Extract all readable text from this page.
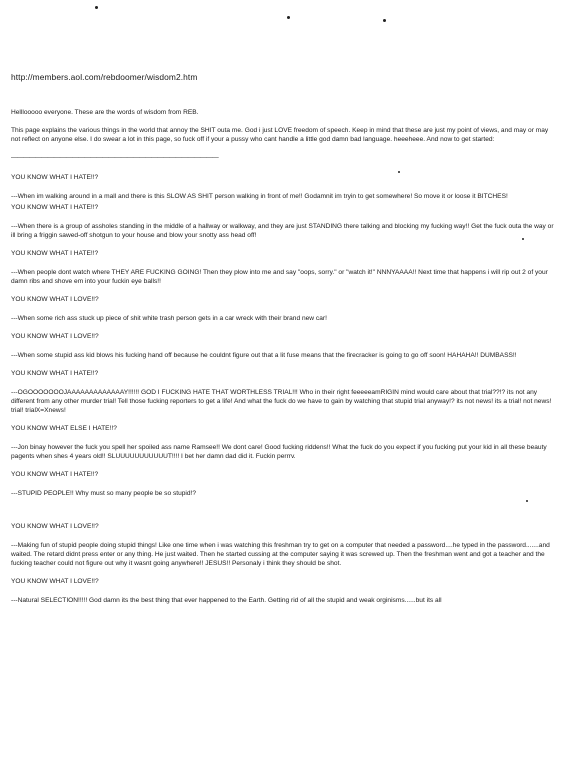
http://members.aol.com/rebdoomer/wisdom2.htm

Helllooooo everyone. These are the words of wisdom from REB.

This page explains the various things in the world that annoy the SHIT outa me. God i just LOVE freedom of speech. Keep in mind that these are just my point of views, and may or may not reflect on anyone else. I do swear a lot in this page, so fuck off if your a pussy who cant handle a little god damn bad language. heeeheee. And now to get started:

——————————————————————————————————

YOU KNOW WHAT I HATE!!?

---When im walking around in a mall and there is this SLOW AS SHIT person walking in front of me!! Godamnit im tryin to get somewhere! So move it or loose it BITCHES!

YOU KNOW WHAT I HATE!!?

---When there is a group of assholes standing in the middle of a hallway or walkway, and they are just STANDING there talking and blocking my fucking way!! Get the fuck outa the way or ill bring a friggin sawed-off shotgun to your house and blow your snotty ass head off!

YOU KNOW WHAT I HATE!!?

---When people dont watch where THEY ARE FUCKING GOING! Then they plow into me and say "oops, sorry." or "watch it!" NNNYAAAA!! Next time that happens i will rip out 2 of your damn ribs and shove em into your fuckin eye balls!!

YOU KNOW WHAT I LOVE!!?

---When some rich ass stuck up piece of shit white trash person gets in a car wreck with their brand new car!

YOU KNOW WHAT I LOVE!!?

---When some stupid ass kid blows his fucking hand off because he couldnt figure out that a lit fuse means that the firecracker is going to go off soon! HAHAHA!! DUMBASS!!

YOU KNOW WHAT I HATE!!?

---OGOOOOOOOJAAAAAAAAAAAAAY!!!!!! GOD I FUCKING HATE THAT WORTHLESS TRIAL!!! Who in their right feeeeeamRIGIN mind would care about that trial??!? its not any different from any other murder trial! Tell those fucking reporters to get a life! And what the fuck do we have to gain by watching that stupid trial anyway!? its not news! its a trial! not news! trial! trialX=Xnews!

YOU KNOW WHAT ELSE I HATE!!?

---Jon binay however the fuck you spell her spoiled ass name Ramsee!! We dont care! Good fucking riddens!! What the fuck do you expect if you fucking put your kid in all these beauty pagents when shes 4 years old!! SLUUUUUUUUUUUT!!!! I bet her damn dad did it. Fuckin perrrv.

YOU KNOW WHAT I HATE!!?

---STUPID PEOPLE!! Why must so many people be so stupid!?

YOU KNOW WHAT I LOVE!!?

---Making fun of stupid people doing stupid things! Like one time when i was watching this freshman try to get on a computer that needed a password....he typed in the password.......and waited. The retard didnt press enter or any thing. He just waited. Then he started cussing at the computer saying it was screwed up. Then the freshman went and got a teacher and the fucking teacher could not figure out why it wasnt going anywhere!! JESUS!! Personaly i think they should be shot.

YOU KNOW WHAT I LOVE!!?

---Natural SELECTION!!!!! God damn its the best thing that ever happened to the Earth. Getting rid of all the stupid and weak orginisms......but its all
